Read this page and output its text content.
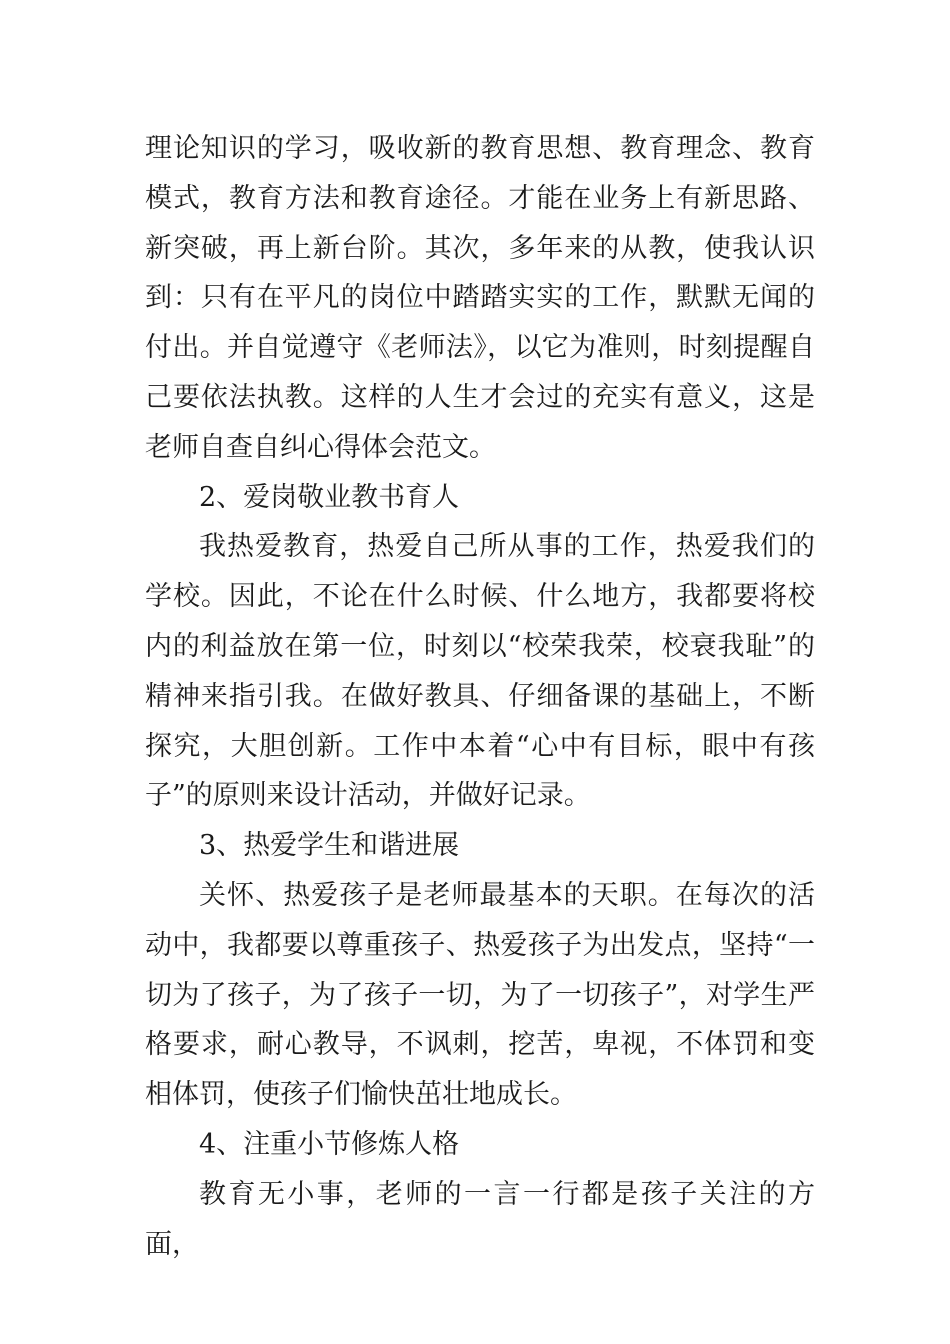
理论知识的学习，吸收新的教育思想、教育理念、教育模式，教育方法和教育途径。才能在业务上有新思路、新突破，再上新台阶。其次，多年来的从教，使我认识到：只有在平凡的岗位中踏踏实实的工作，默默无闻的付出。并自觉遵守《老师法》，以它为准则，时刻提醒自己要依法执教。这样的人生才会过的充实有意义，这是老师自查自纠心得体会范文。

2、爱岗敬业教书育人

我热爱教育，热爱自己所从事的工作，热爱我们的学校。因此，不论在什么时候、什么地方，我都要将校内的利益放在第一位，时刻以“校荣我荣，校衰我耻”的精神来指引我。在做好教具、仔细备课的基础上，不断探究，大胆创新。工作中本着“心中有目标，眼中有孩子”的原则来设计活动，并做好记录。

3、热爱学生和谐进展

关怀、热爱孩子是老师最基本的天职。在每次的活动中，我都要以尊重孩子、热爱孩子为出发点，坚持“一切为了孩子，为了孩子一切，为了一切孩子”，对学生严格要求，耐心教导，不讽刺，挖苦，卑视，不体罚和变相体罚，使孩子们愉快茁壮地成长。

4、注重小节修炼人格

教育无小事，老师的一言一行都是孩子关注的方面，
